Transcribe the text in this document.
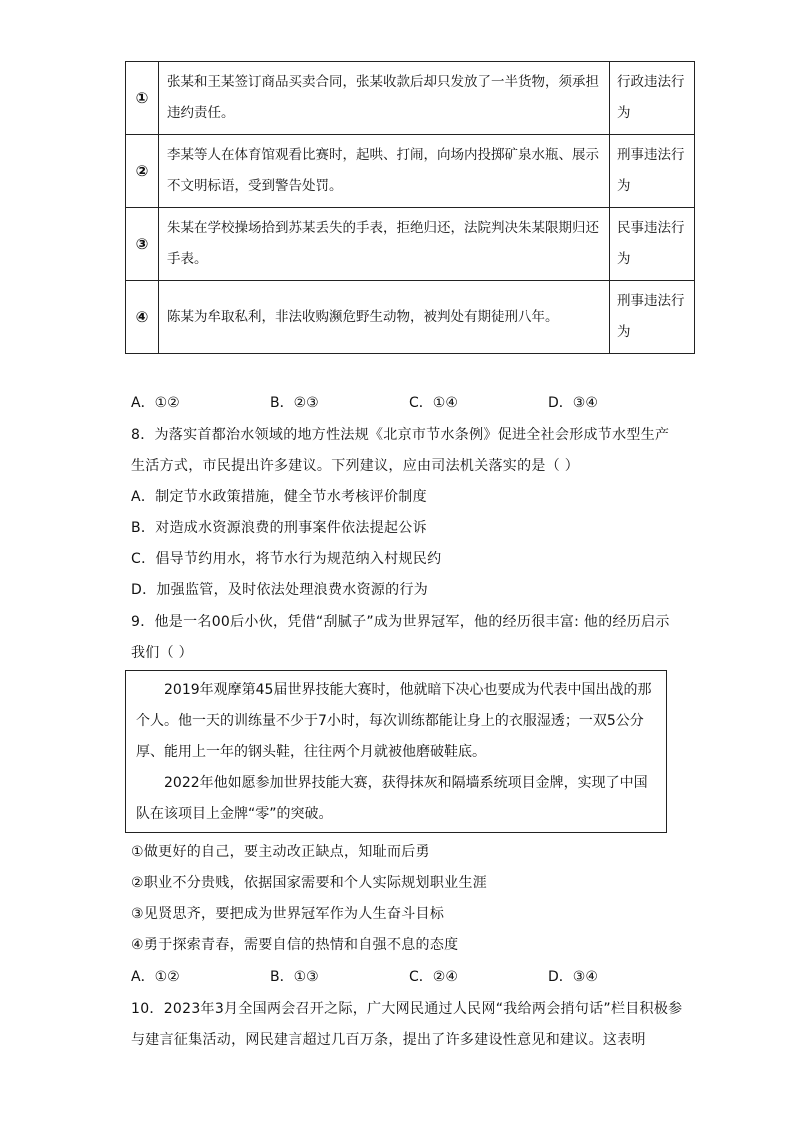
①	张某和王某签订商品买卖合同，张某收款后却只发放了一半货物，须承担违约责任。	行政违法行为
②	李某等人在体育馆观看比赛时，起哄、打闹，向场内投掷矿泉水瓶、展示不文明标语，受到警告处罚。	刑事违法行为
③	朱某在学校操场拾到苏某丢失的手表，拒绝归还，法院判决朱某限期归还手表。	民事违法行为
④	陈某为牟取私利，非法收购濒危野生动物，被判处有期徒刑八年。	刑事违法行为
A．①②	B．②③	C．①④	D．③④
8．为落实首都治水领域的地方性法规《北京市节水条例》促进全社会形成节水型生产
生活方式，市民提出许多建议。下列建议，应由司法机关落实的是（ ）
A．制定节水政策措施，健全节水考核评价制度
B．对造成水资源浪费的刑事案件依法提起公诉
C．倡导节约用水，将节水行为规范纳入村规民约
D．加强监管，及时依法处理浪费水资源的行为
9．他是一名00后小伙，凭借“刮腻子”成为世界冠军，他的经历很丰富: 他的经历启示
我们（ ）

2019年观摩第45届世界技能大赛时，他就暗下决心也要成为代表中国出战的那个人。他一天的训练量不少于7小时，每次训练都能让身上的衣服湿透；一双5公分厚、能用上一年的钢头鞋，往往两个月就被他磨破鞋底。

2022年他如愿参加世界技能大赛，获得抹灰和隔墙系统项目金牌，实现了中国队在该项目上金牌“零”的突破。

①做更好的自己，要主动改正缺点，知耻而后勇
②职业不分贵贱，依据国家需要和个人实际规划职业生涯
③见贤思齐，要把成为世界冠军作为人生奋斗目标
④勇于探索青春，需要自信的热情和自强不息的态度
A．①②	B．①③	C．②④	D．③④
10．2023年3月全国两会召开之际，广大网民通过人民网“我给两会捎句话”栏目积极参
与建言征集活动，网民建言超过几百万条，提出了许多建设性意见和建议。这表明
